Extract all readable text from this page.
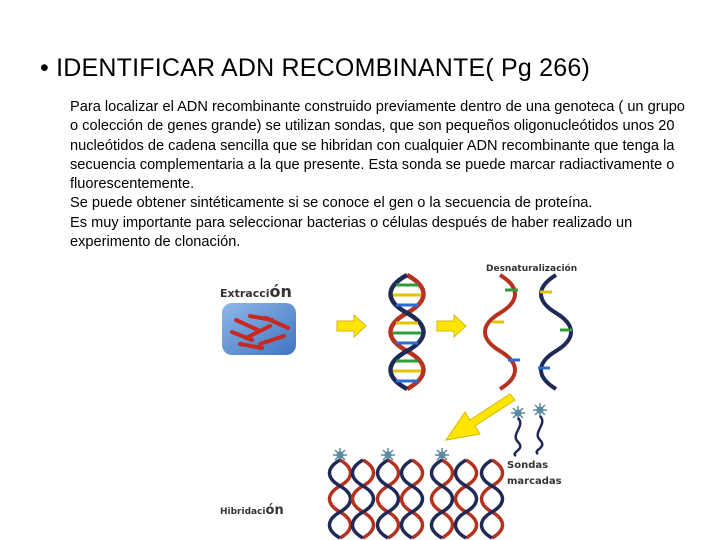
• IDENTIFICAR ADN RECOMBINANTE( Pg 266)

Para localizar el ADN recombinante construido previamente dentro de una genoteca ( un grupo o colección de genes grande) se utilizan sondas, que son pequeños oligonucleótidos unos 20 nucleótidos de cadena sencilla que se hibridan con cualquier ADN recombinante que tenga la secuencia complementaria a la que presente. Esta sonda se puede marcar radiactivamente o fluorescentemente.

Se puede obtener sintéticamente si se conoce el gen o la secuencia de proteína.

Es muy importante para seleccionar bacterias o células después de haber realizado un experimento de clonación.

Extracción
Desnaturalización
Sondas
marcadas
Hibridación
